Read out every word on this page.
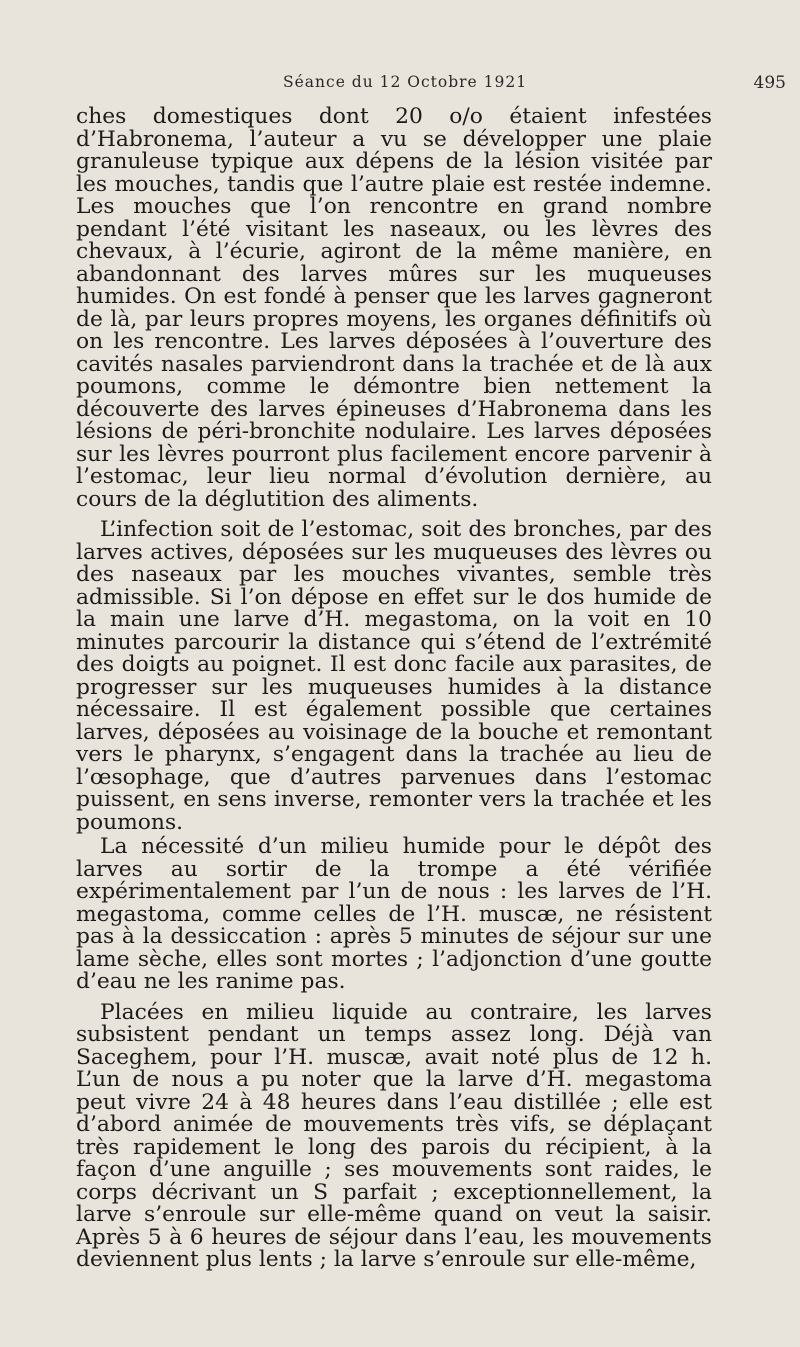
Séance du 12 Octobre 1921	495

ches domestiques dont 20 o/o étaient infestées d’Habronema, l’auteur a vu se développer une plaie granuleuse typique aux dépens de la lésion visitée par les mouches, tandis que l’autre plaie est restée indemne. Les mouches que l’on rencontre en grand nombre pendant l’été visitant les naseaux, ou les lèvres des chevaux, à l’écurie, agiront de la même manière, en abandonnant des larves mûres sur les muqueuses humides. On est fondé à penser que les larves gagneront de là, par leurs propres moyens, les organes définitifs où on les rencontre. Les larves déposées à l’ouverture des cavités nasales parviendront dans la trachée et de là aux poumons, comme le démontre bien nettement la découverte des larves épineuses d’Habronema dans les lésions de péri-bronchite nodulaire. Les larves déposées sur les lèvres pourront plus facilement encore parvenir à l’estomac, leur lieu normal d’évolution dernière, au cours de la déglutition des aliments.

L’infection soit de l’estomac, soit des bronches, par des larves actives, déposées sur les muqueuses des lèvres ou des naseaux par les mouches vivantes, semble très admissible. Si l’on dépose en effet sur le dos humide de la main une larve d’H. megastoma, on la voit en 10 minutes parcourir la distance qui s’étend de l’extrémité des doigts au poignet. Il est donc facile aux parasites, de progresser sur les muqueuses humides à la distance nécessaire. Il est également possible que certaines larves, déposées au voisinage de la bouche et remontant vers le pharynx, s’engagent dans la trachée au lieu de l’œsophage, que d’autres parvenues dans l’estomac puissent, en sens inverse, remonter vers la trachée et les poumons.

La nécessité d’un milieu humide pour le dépôt des larves au sortir de la trompe a été vérifiée expérimentalement par l’un de nous : les larves de l’H. megastoma, comme celles de l’H. muscæ, ne résistent pas à la dessiccation : après 5 minutes de séjour sur une lame sèche, elles sont mortes ; l’adjonction d’une goutte d’eau ne les ranime pas.

Placées en milieu liquide au contraire, les larves subsistent pendant un temps assez long. Déjà van Saceghem, pour l’H. muscæ, avait noté plus de 12 h. L’un de nous a pu noter que la larve d’H. megastoma peut vivre 24 à 48 heures dans l’eau distillée ; elle est d’abord animée de mouvements très vifs, se déplaçant très rapidement le long des parois du récipient, à la façon d’une anguille ; ses mouvements sont raides, le corps décrivant un S parfait ; exceptionnellement, la larve s’enroule sur elle-même quand on veut la saisir. Après 5 à 6 heures de séjour dans l’eau, les mouvements deviennent plus lents ; la larve s’enroule sur elle-même,
